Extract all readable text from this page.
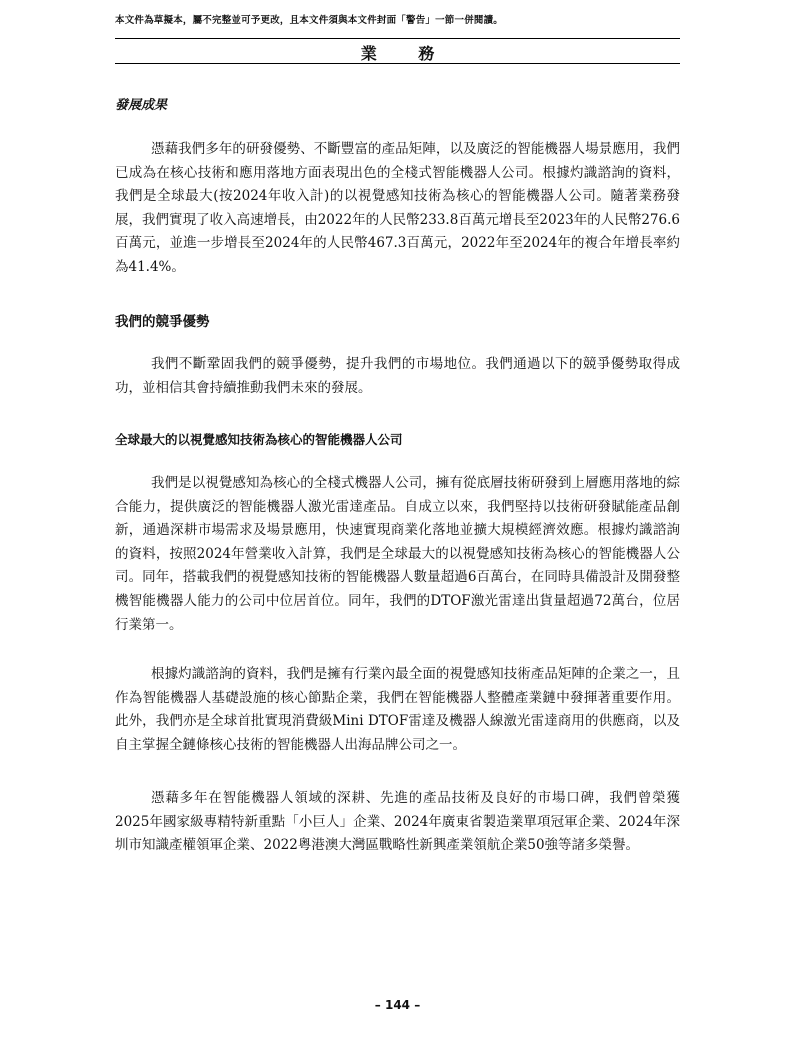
本文件為草擬本，屬不完整並可予更改，且本文件須與本文件封面「警告」一節一併閱讀。
業 務
發展成果

憑藉我們多年的研發優勢、不斷豐富的產品矩陣，以及廣泛的智能機器人場景應用，我們已成為在核心技術和應用落地方面表現出色的全棧式智能機器人公司。根據灼識諮詢的資料，我們是全球最大(按2024年收入計)的以視覺感知技術為核心的智能機器人公司。隨著業務發展，我們實現了收入高速增長，由2022年的人民幣233.8百萬元增長至2023年的人民幣276.6百萬元，並進一步增長至2024年的人民幣467.3百萬元，2022年至2024年的複合年增長率約為41.4%。

我們的競爭優勢

我們不斷鞏固我們的競爭優勢，提升我們的市場地位。我們通過以下的競爭優勢取得成功，並相信其會持續推動我們未來的發展。

全球最大的以視覺感知技術為核心的智能機器人公司

我們是以視覺感知為核心的全棧式機器人公司，擁有從底層技術研發到上層應用落地的綜合能力，提供廣泛的智能機器人激光雷達產品。自成立以來，我們堅持以技術研發賦能產品創新，通過深耕市場需求及場景應用，快速實現商業化落地並擴大規模經濟效應。根據灼識諮詢的資料，按照2024年營業收入計算，我們是全球最大的以視覺感知技術為核心的智能機器人公司。同年，搭載我們的視覺感知技術的智能機器人數量超過6百萬台，在同時具備設計及開發整機智能機器人能力的公司中位居首位。同年，我們的DTOF激光雷達出貨量超過72萬台，位居行業第一。

根據灼識諮詢的資料，我們是擁有行業內最全面的視覺感知技術產品矩陣的企業之一，且作為智能機器人基礎設施的核心節點企業，我們在智能機器人整體產業鏈中發揮著重要作用。此外，我們亦是全球首批實現消費級Mini DTOF雷達及機器人線激光雷達商用的供應商，以及自主掌握全鏈條核心技術的智能機器人出海品牌公司之一。

憑藉多年在智能機器人領域的深耕、先進的產品技術及良好的市場口碑，我們曾榮獲2025年國家級專精特新重點「小巨人」企業、2024年廣東省製造業單項冠軍企業、2024年深圳市知識產權領軍企業、2022粵港澳大灣區戰略性新興產業領航企業50強等諸多榮譽。

– 144 –
